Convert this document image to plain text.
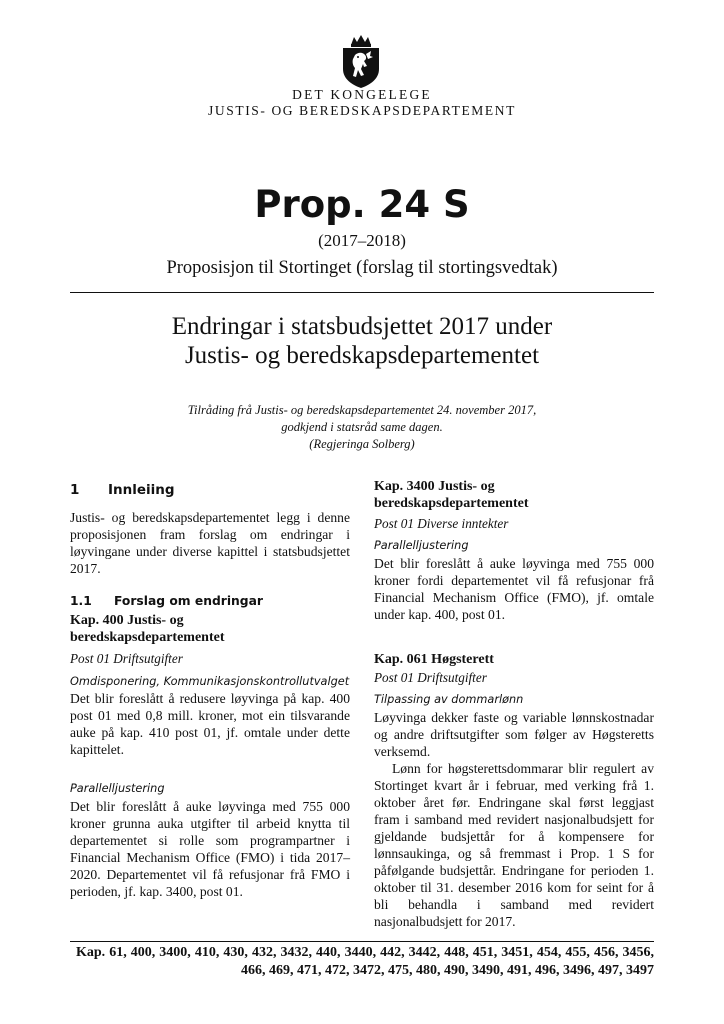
DET KONGELEGE
JUSTIS- OG BEREDSKAPSDEPARTEMENT
Prop. 24 S
(2017–2018)
Proposisjon til Stortinget (forslag til stortingsvedtak)
Endringar i statsbudsjettet 2017 under
Justis- og beredskapsdepartementet
Tilråding frå Justis- og beredskapsdepartementet 24. november 2017,
godkjend i statsråd same dagen.
(Regjeringa Solberg)
1 Innleiing
Justis- og beredskapsdepartementet legg i denne proposisjonen fram forslag om endringar i løyvingane under diverse kapittel i statsbudsjettet 2017.
1.1 Forslag om endringar
Kap. 400 Justis- og beredskapsdepartementet
Post 01 Driftsutgifter
Omdisponering, Kommunikasjonskontrollutvalget
Det blir foreslått å redusere løyvinga på kap. 400 post 01 med 0,8 mill. kroner, mot ein tilsvarande auke på kap. 410 post 01, jf. omtale under dette kapittelet.
Parallelljustering
Det blir foreslått å auke løyvinga med 755 000 kroner grunna auka utgifter til arbeid knytta til departementet si rolle som programpartner i Financial Mechanism Office (FMO) i tida 2017–2020. Departementet vil få refusjonar frå FMO i perioden, jf. kap. 3400, post 01.
Kap. 3400 Justis- og beredskapsdepartementet
Post 01 Diverse inntekter
Parallelljustering
Det blir foreslått å auke løyvinga med 755 000 kroner fordi departementet vil få refusjonar frå Financial Mechanism Office (FMO), jf. omtale under kap. 400, post 01.
Kap. 061 Høgsterett
Post 01 Driftsutgifter
Tilpassing av dommarlønn
Løyvinga dekker faste og variable lønnskostnadar og andre driftsutgifter som følger av Høgsteretts verksemd.
Lønn for høgsterettsdommarar blir regulert av Stortinget kvart år i februar, med verking frå 1. oktober året før. Endringane skal først leggjast fram i samband med revidert nasjonalbudsjett for gjeldande budsjettår for å kompensere for lønnsaukinga, og så fremmast i Prop. 1 S for påfølgande budsjettår. Endringane for perioden 1. oktober til 31. desember 2016 kom for seint for å bli behandla i samband med revidert nasjonalbudsjett for 2017.
Kap. 61, 400, 3400, 410, 430, 432, 3432, 440, 3440, 442, 3442, 448, 451, 3451, 454, 455, 456, 3456, 466, 469, 471, 472, 3472, 475, 480, 490, 3490, 491, 496, 3496, 497, 3497
